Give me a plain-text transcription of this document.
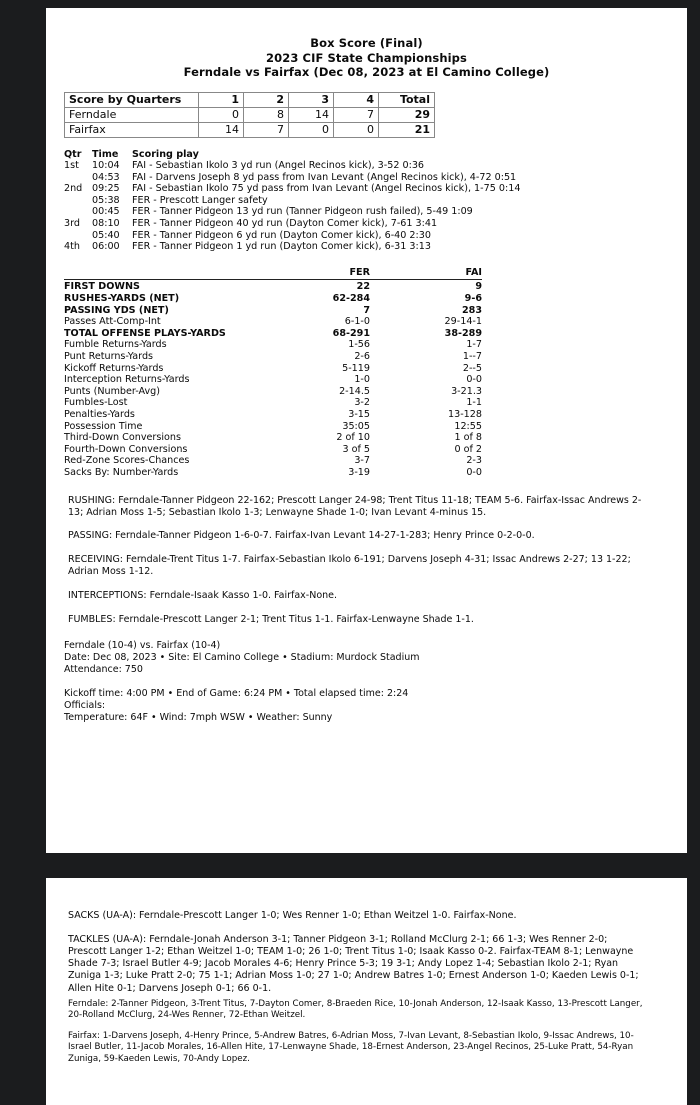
Box Score (Final)
2023 CIF State Championships
Ferndale vs Fairfax (Dec 08, 2023 at El Camino College)
Score by Quarters	1	2	3	4	Total
Ferndale	0	8	14	7	29
Fairfax	14	7	0	0	21
Qtr Time Scoring play
1st 10:04 FAI - Sebastian Ikolo 3 yd run (Angel Recinos kick), 3-52 0:36
04:53 FAI - Darvens Joseph 8 yd pass from Ivan Levant (Angel Recinos kick), 4-72 0:51
2nd 09:25 FAI - Sebastian Ikolo 75 yd pass from Ivan Levant (Angel Recinos kick), 1-75 0:14
05:38 FER - Prescott Langer safety
00:45 FER - Tanner Pidgeon 13 yd run (Tanner Pidgeon rush failed), 5-49 1:09
3rd 08:10 FER - Tanner Pidgeon 40 yd run (Dayton Comer kick), 7-61 3:41
05:40 FER - Tanner Pidgeon 6 yd run (Dayton Comer kick), 6-40 2:30
4th 06:00 FER - Tanner Pidgeon 1 yd run (Dayton Comer kick), 6-31 3:13
	FER	FAI
FIRST DOWNS	22	9
RUSHES-YARDS (NET)	62-284	9-6
PASSING YDS (NET)	7	283
Passes Att-Comp-Int	6-1-0	29-14-1
TOTAL OFFENSE PLAYS-YARDS	68-291	38-289
Fumble Returns-Yards	1-56	1-7
Punt Returns-Yards	2-6	1--7
Kickoff Returns-Yards	5-119	2--5
Interception Returns-Yards	1-0	0-0
Punts (Number-Avg)	2-14.5	3-21.3
Fumbles-Lost	3-2	1-1
Penalties-Yards	3-15	13-128
Possession Time	35:05	12:55
Third-Down Conversions	2 of 10	1 of 8
Fourth-Down Conversions	3 of 5	0 of 2
Red-Zone Scores-Chances	3-7	2-3
Sacks By: Number-Yards	3-19	0-0

RUSHING: Ferndale-Tanner Pidgeon 22-162; Prescott Langer 24-98; Trent Titus 11-18; TEAM 5-6. Fairfax-Issac Andrews 2-13; Adrian Moss 1-5; Sebastian Ikolo 1-3; Lenwayne Shade 1-0; Ivan Levant 4-minus 15.

PASSING: Ferndale-Tanner Pidgeon 1-6-0-7. Fairfax-Ivan Levant 14-27-1-283; Henry Prince 0-2-0-0.

RECEIVING: Ferndale-Trent Titus 1-7. Fairfax-Sebastian Ikolo 6-191; Darvens Joseph 4-31; Issac Andrews 2-27; 13 1-22; Adrian Moss 1-12.

INTERCEPTIONS: Ferndale-Isaak Kasso 1-0. Fairfax-None.

FUMBLES: Ferndale-Prescott Langer 2-1; Trent Titus 1-1. Fairfax-Lenwayne Shade 1-1.

Ferndale (10-4) vs. Fairfax (10-4)
Date: Dec 08, 2023 • Site: El Camino College • Stadium: Murdock Stadium
Attendance: 750
Kickoff time: 4:00 PM • End of Game: 6:24 PM • Total elapsed time: 2:24
Officials:
Temperature: 64F • Wind: 7mph WSW • Weather: Sunny

SACKS (UA-A): Ferndale-Prescott Langer 1-0; Wes Renner 1-0; Ethan Weitzel 1-0. Fairfax-None.

TACKLES (UA-A): Ferndale-Jonah Anderson 3-1; Tanner Pidgeon 3-1; Rolland McClurg 2-1; 66 1-3; Wes Renner 2-0; Prescott Langer 1-2; Ethan Weitzel 1-0; TEAM 1-0; 26 1-0; Trent Titus 1-0; Isaak Kasso 0-2. Fairfax-TEAM 8-1; Lenwayne Shade 7-3; Israel Butler 4-9; Jacob Morales 4-6; Henry Prince 5-3; 19 3-1; Andy Lopez 1-4; Sebastian Ikolo 2-1; Ryan Zuniga 1-3; Luke Pratt 2-0; 75 1-1; Adrian Moss 1-0; 27 1-0; Andrew Batres 1-0; Ernest Anderson 1-0; Kaeden Lewis 0-1; Allen Hite 0-1; Darvens Joseph 0-1; 66 0-1.

Ferndale: 2-Tanner Pidgeon, 3-Trent Titus, 7-Dayton Comer, 8-Braeden Rice, 10-Jonah Anderson, 12-Isaak Kasso, 13-Prescott Langer, 20-Rolland McClurg, 24-Wes Renner, 72-Ethan Weitzel.

Fairfax: 1-Darvens Joseph, 4-Henry Prince, 5-Andrew Batres, 6-Adrian Moss, 7-Ivan Levant, 8-Sebastian Ikolo, 9-Issac Andrews, 10-Israel Butler, 11-Jacob Morales, 16-Allen Hite, 17-Lenwayne Shade, 18-Ernest Anderson, 23-Angel Recinos, 25-Luke Pratt, 54-Ryan Zuniga, 59-Kaeden Lewis, 70-Andy Lopez.
